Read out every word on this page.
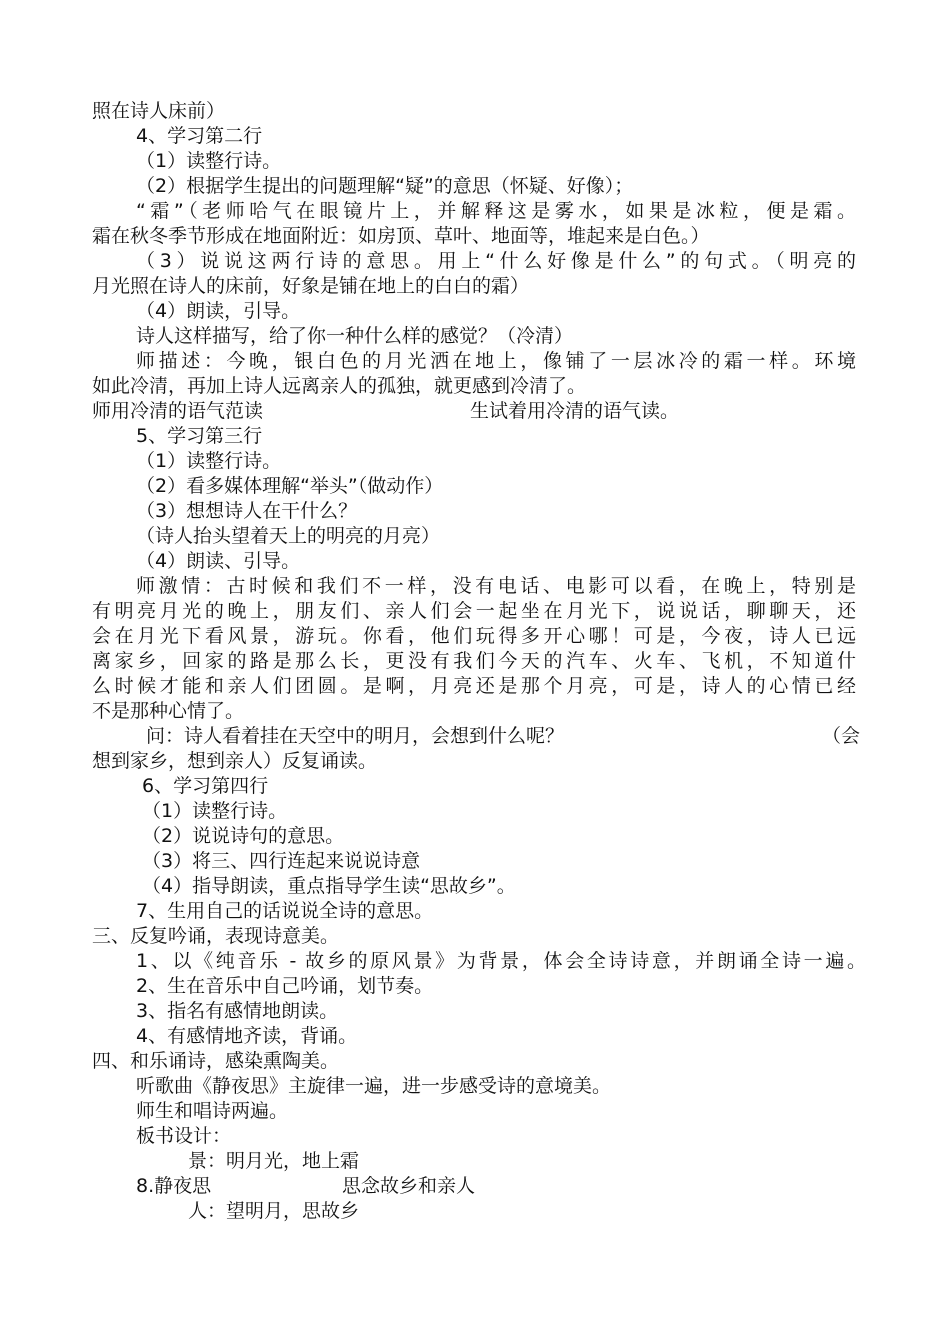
照在诗人床前）

4、学习第二行

（1）读整行诗。

（2）根据学生提出的问题理解“疑”的意思（怀疑、好像）；

“霜”（老师哈气在眼镜片上，并解释这是雾水，如果是冰粒，便是霜。

霜在秋冬季节形成在地面附近：如房顶、草叶、地面等，堆起来是白色。）

（3）说说这两行诗的意思。用上“什么好像是什么”的句式。（明亮的

月光照在诗人的床前，好象是铺在地上的白白的霜）

（4）朗读，引导。

诗人这样描写，给了你一种什么样的感觉？（冷清）

师描述：今晚，银白色的月光洒在地上，像铺了一层冰冷的霜一样。环境

如此冷清，再加上诗人远离亲人的孤独，就更感到冷清了。

师用冷清的语气范读	生试着用冷清的语气读。

5、学习第三行

（1）读整行诗。

（2）看多媒体理解“举头”（做动作）

（3）想想诗人在干什么？

（诗人抬头望着天上的明亮的月亮）

（4）朗读、引导。

师激情：古时候和我们不一样，没有电话、电影可以看，在晚上，特别是

有明亮月光的晚上，朋友们、亲人们会一起坐在月光下，说说话，聊聊天，还

会在月光下看风景，游玩。你看，他们玩得多开心哪！可是，今夜，诗人已远

离家乡，回家的路是那么长，更没有我们今天的汽车、火车、飞机，不知道什

么时候才能和亲人们团圆。是啊，月亮还是那个月亮，可是，诗人的心情已经

不是那种心情了。

问：诗人看着挂在天空中的明月，会想到什么呢？	（会

想到家乡，想到亲人）反复诵读。

6、学习第四行

（1）读整行诗。

（2）说说诗句的意思。

（3）将三、四行连起来说说诗意

（4）指导朗读，重点指导学生读“思故乡”。

7、生用自己的话说说全诗的意思。

三、反复吟诵，表现诗意美。

1、以《纯音乐 - 故乡的原风景》为背景，体会全诗诗意，并朗诵全诗一遍。

2、生在音乐中自己吟诵，划节奏。

3、指名有感情地朗读。

4、有感情地齐读，背诵。

四、和乐诵诗，感染熏陶美。

听歌曲《静夜思》主旋律一遍，进一步感受诗的意境美。

师生和唱诗两遍。

板书设计：

景：明月光，地上霜

8.静夜思	思念故乡和亲人

人：望明月，思故乡
